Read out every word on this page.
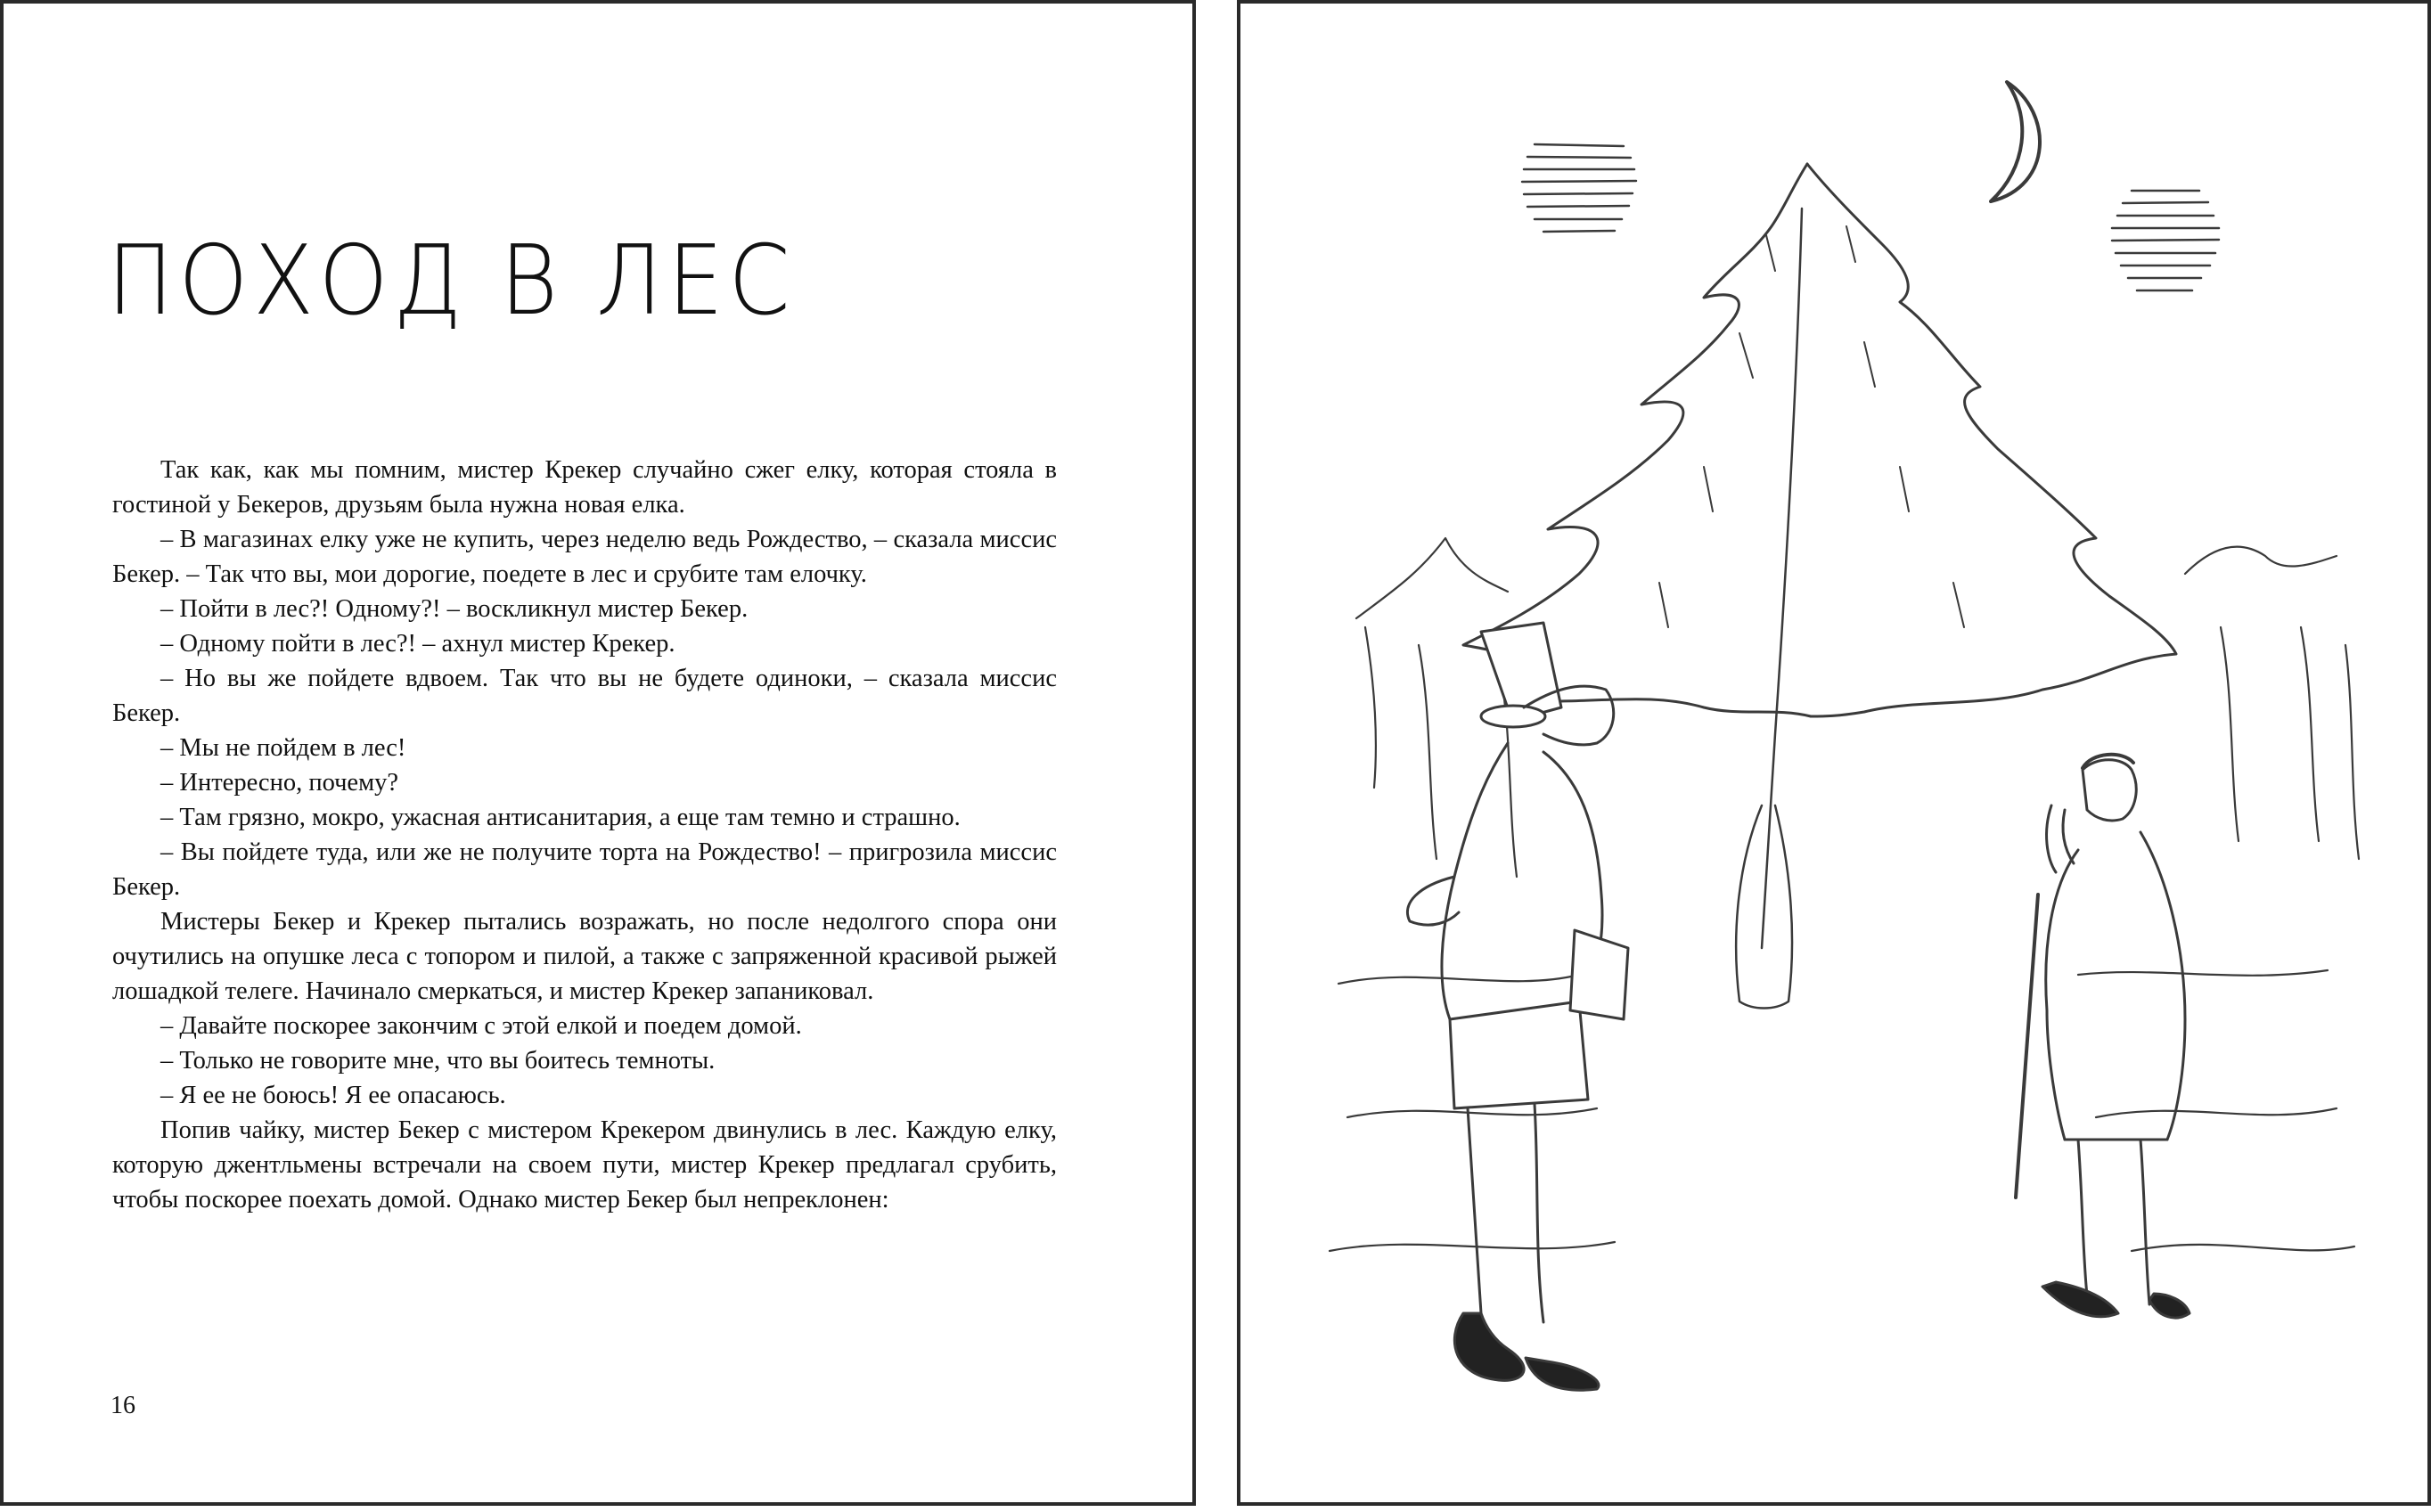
ПОХОД В ЛЕС

Так как, как мы помним, мистер Крекер случайно сжег елку, которая стояла в гостиной у Бекеров, друзьям была нужна новая елка.

– В магазинах елку уже не купить, через неделю ведь Рождество, – сказала миссис Бекер. – Так что вы, мои дорогие, поедете в лес и срубите там елочку.

– Пойти в лес?! Одному?! – воскликнул мистер Бекер.

– Одному пойти в лес?! – ахнул мистер Крекер.

– Но вы же пойдете вдвоем. Так что вы не будете одиноки, – сказала миссис Бекер.

– Мы не пойдем в лес!

– Интересно, почему?

– Там грязно, мокро, ужасная антисанитария, а еще там темно и страшно.

– Вы пойдете туда, или же не получите торта на Рождество! – пригрозила миссис Бекер.

Мистеры Бекер и Крекер пытались возражать, но после недолгого спора они очутились на опушке леса с топором и пилой, а также с запряженной красивой рыжей лошадкой телеге. Начинало смеркаться, и мистер Крекер запаниковал.

– Давайте поскорее закончим с этой елкой и поедем домой.

– Только не говорите мне, что вы боитесь темноты.

– Я ее не боюсь! Я ее опасаюсь.

Попив чайку, мистер Бекер с мистером Крекером двинулись в лес. Каждую елку, которую джентльмены встречали на своем пути, мистер Крекер предлагал срубить, чтобы поскорее поехать домой. Однако мистер Бекер был непреклонен:

16
